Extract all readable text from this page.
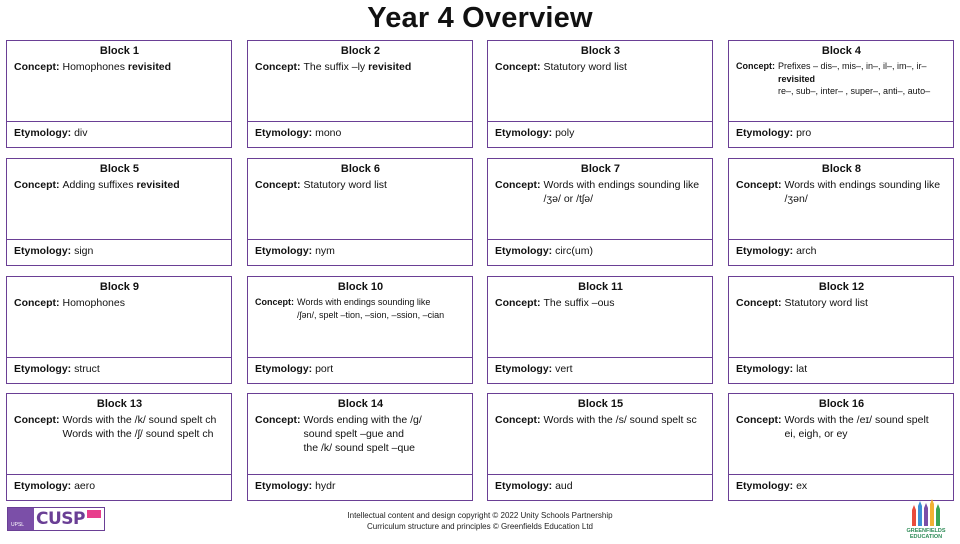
Year 4 Overview
Block 1
Concept: Homophones revisited
Etymology: div
Block 2
Concept: The suffix –ly revisited
Etymology: mono
Block 3
Concept: Statutory word list
Etymology: poly
Block 4
Concept: Prefixes – dis–, mis–, in–, il–, im–, ir–
revisited
re–, sub–, inter– , super–, anti–, auto–
Etymology: pro
Block 5
Concept: Adding suffixes revisited
Etymology: sign
Block 6
Concept: Statutory word list
Etymology: nym
Block 7
Concept: Words with endings sounding like
/ʒə/ or /tʃə/
Etymology: circ(um)
Block 8
Concept: Words with endings sounding like
/ʒən/
Etymology: arch
Block 9
Concept: Homophones
Etymology: struct
Block 10
Concept: Words with endings sounding like
/ʃən/, spelt –tion, –sion, –ssion, –cian
Etymology: port
Block 11
Concept: The suffix –ous
Etymology: vert
Block 12
Concept: Statutory word list
Etymology: lat
Block 13
Concept: Words with the /k/ sound spelt ch
Words with the /ʃ/ sound spelt ch
Etymology: aero
Block 14
Concept: Words ending with the /g/
sound spelt –gue and
the /k/ sound spelt –que
Etymology: hydr
Block 15
Concept: Words with the /s/ sound spelt sc
Etymology: aud
Block 16
Concept: Words with the /eɪ/ sound spelt
ei, eigh, or ey
Etymology: ex
UPSL CUSP	Intellectual content and design copyright © 2022 Unity Schools Partnership
Curriculum structure and principles © Greenfields Education Ltd	GREENFIELDS EDUCATION
